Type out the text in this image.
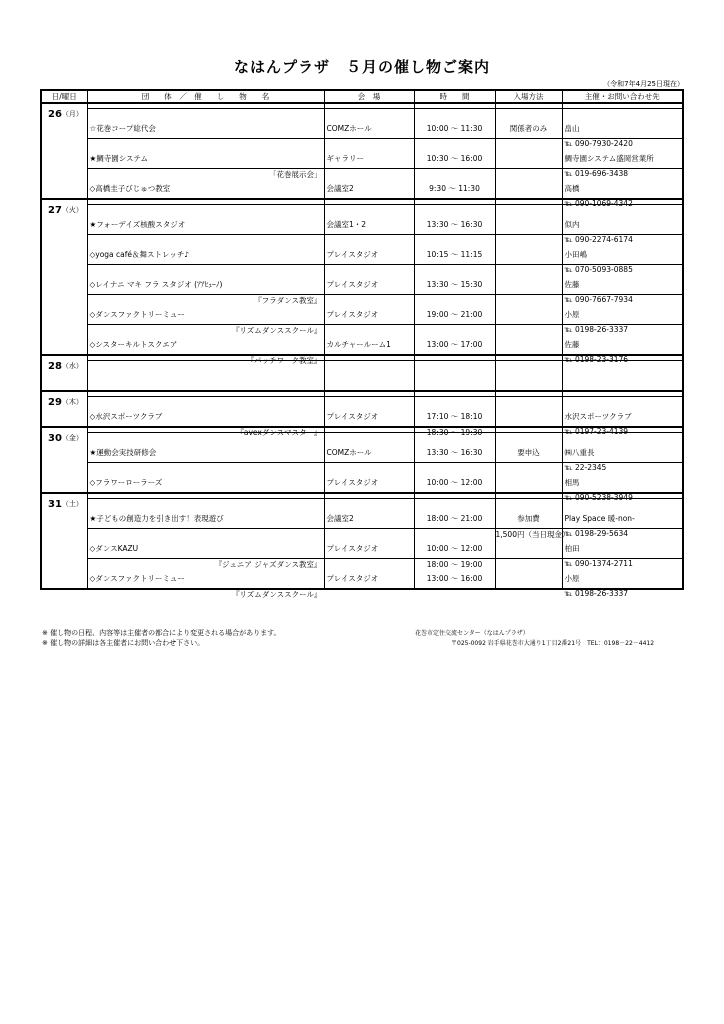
なはんプラザ　５月の催し物ご案内
（令和7年4月25日現在）
日/曜日	団　　体　／　催　　し　　物　　名	会　場	時　　間	入場方法	主催・お問い合わせ先

$26^{(月)}$

	☆花巻コープ総代会	COMZホール	10:00 ～ 11:30	関係者のみ	畠山
℡ 090-7930-2420

	★鯛寺園システム
「花巻展示会」	ギャラリー	10:30 ～ 16:00		鯛寺園システム盛岡営業所
℡ 019-696-3438

	◇高橋圭子びじゅつ教室	会議室2	9:30 ～ 11:30		高橋
℡ 090-1069-4342

$27^{(火)}$

	★フォーデイズ核酸スタジオ	会議室1・2	13:30 ～ 16:30		似内
℡ 090-2274-6174

	◇yoga café＆舞ストレッチ♪	プレイスタジオ	10:15 ～ 11:15		小田嶋
℡ 070-5093-0885

	◇レイナニ マキ フラ スタジオ (ｱｱﾋｪｰﾉ)
『フラダンス教室』	プレイスタジオ	13:30 ～ 15:30		佐藤
℡ 090-7667-7934

	◇ダンスファクトリーミュー
『リズムダンススクール』	プレイスタジオ	19:00 ～ 21:00		小原
℡ 0198-26-3337

	◇シスターキルトスクエア
『パッチワーク教室』	カルチャールーム1	13:00 ～ 17:00		佐藤
℡ 0198-23-3176

$28^{(水)}$

$29^{(木)}$

	◇水沢スポーツクラブ
『avexダンスマスター』	プレイスタジオ	17:10 ～ 18:10
18:30 ～ 19:30		水沢スポーツクラブ
℡ 0197-23-4139

$30^{(金)}$

	★運動会実技研修会	COMZホール	13:30 ～ 16:30	要申込	㈱八重長
℡ 22-2345

	◇フラワーローラーズ	プレイスタジオ	10:00 ～ 12:00		相馬
℡ 090-5238-3949

$31^{(土)}$

	★子どもの創造力を引き出す！表現遊び	会議室2	18:00 ～ 21:00	参加費
1,500円（当日現金）	Play Space 暖-non-
℡ 0198-29-5634

	◇ダンスKAZU
『ジュニア ジャズダンス教室』	プレイスタジオ	10:00 ～ 12:00
18:00 ～ 19:00		柏田
℡ 090-1374-2711

	◇ダンスファクトリーミュー
『リズムダンススクール』	プレイスタジオ	13:00 ～ 16:00		小原
℡ 0198-26-3337
※ 催し物の日程、内容等は主催者の都合により変更される場合があります。
※ 催し物の詳細は各主催者にお問い合わせ下さい。
花巻市定住交流センター（なはんプラザ）
〒025-0092 岩手県花巻市大通り1丁目2番21号　TEL：0198－22－4412
